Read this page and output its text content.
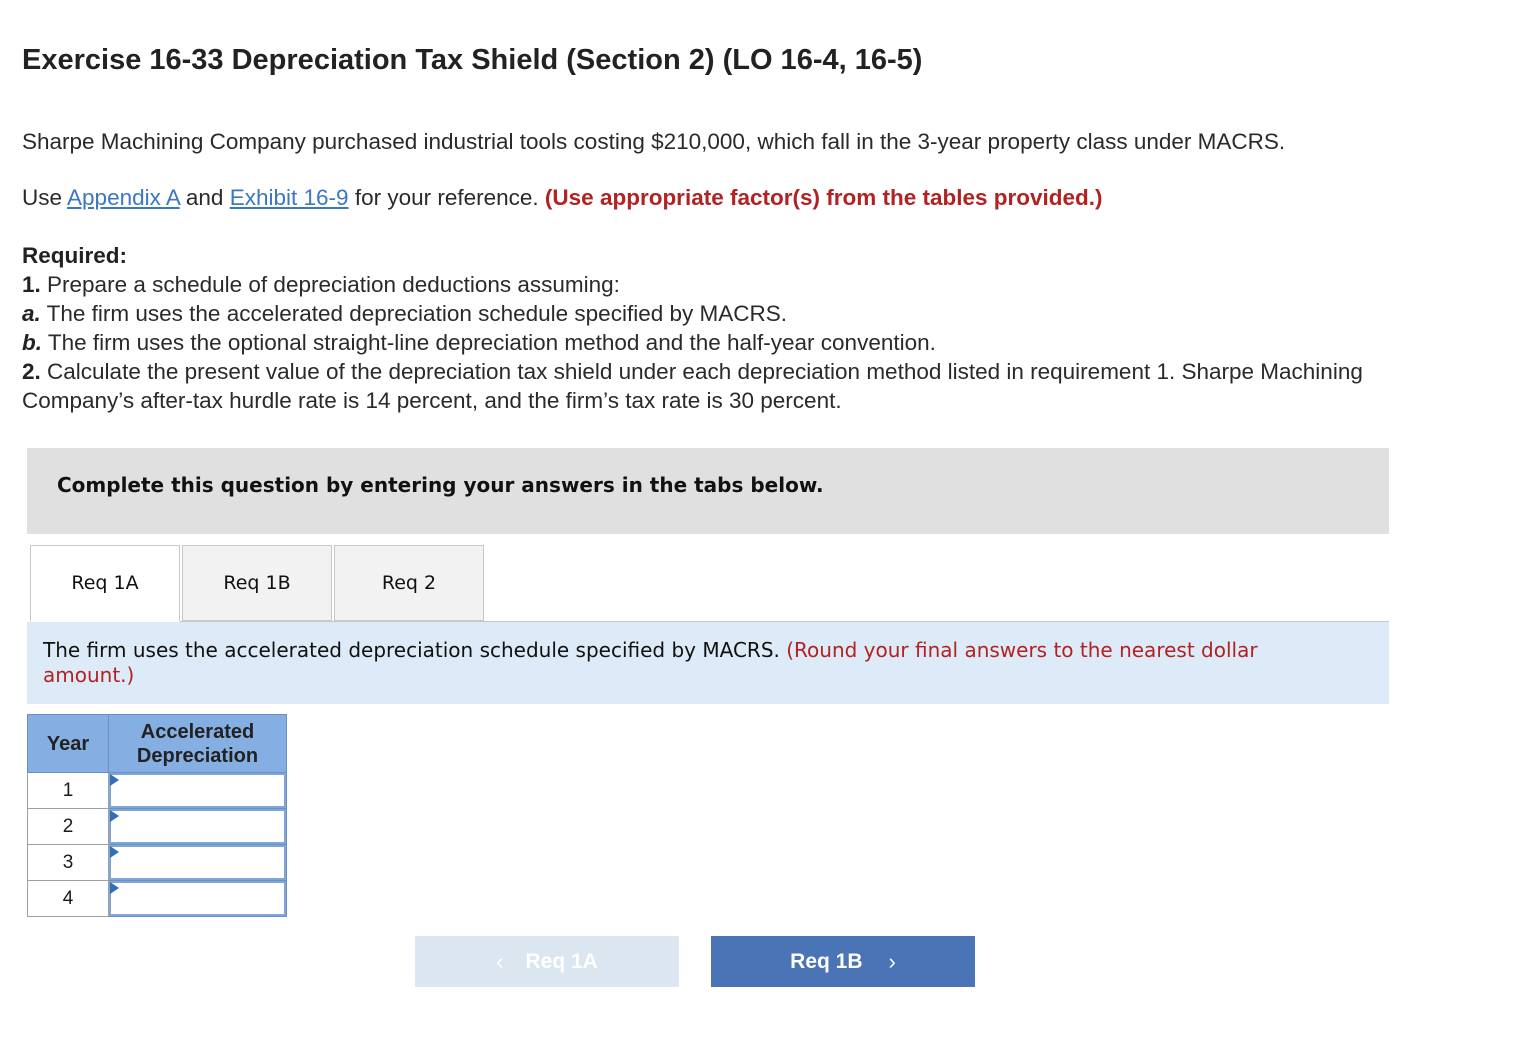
Exercise 16-33 Depreciation Tax Shield (Section 2) (LO 16-4, 16-5)
Sharpe Machining Company purchased industrial tools costing $210,000, which fall in the 3-year property class under MACRS.
Use Appendix A and Exhibit 16-9 for your reference. (Use appropriate factor(s) from the tables provided.)
Required:
1. Prepare a schedule of depreciation deductions assuming:
a. The firm uses the accelerated depreciation schedule specified by MACRS.
b. The firm uses the optional straight-line depreciation method and the half-year convention.
2. Calculate the present value of the depreciation tax shield under each depreciation method listed in requirement 1. Sharpe Machining Company’s after-tax hurdle rate is 14 percent, and the firm’s tax rate is 30 percent.
Complete this question by entering your answers in the tabs below.
Req 1A	Req 1B	Req 2
The firm uses the accelerated depreciation schedule specified by MACRS. (Round your final answers to the nearest dollar amount.)
Year	Accelerated
Depreciation

1	

2	

3	

4	
‹ Req 1A	Req 1B ›
